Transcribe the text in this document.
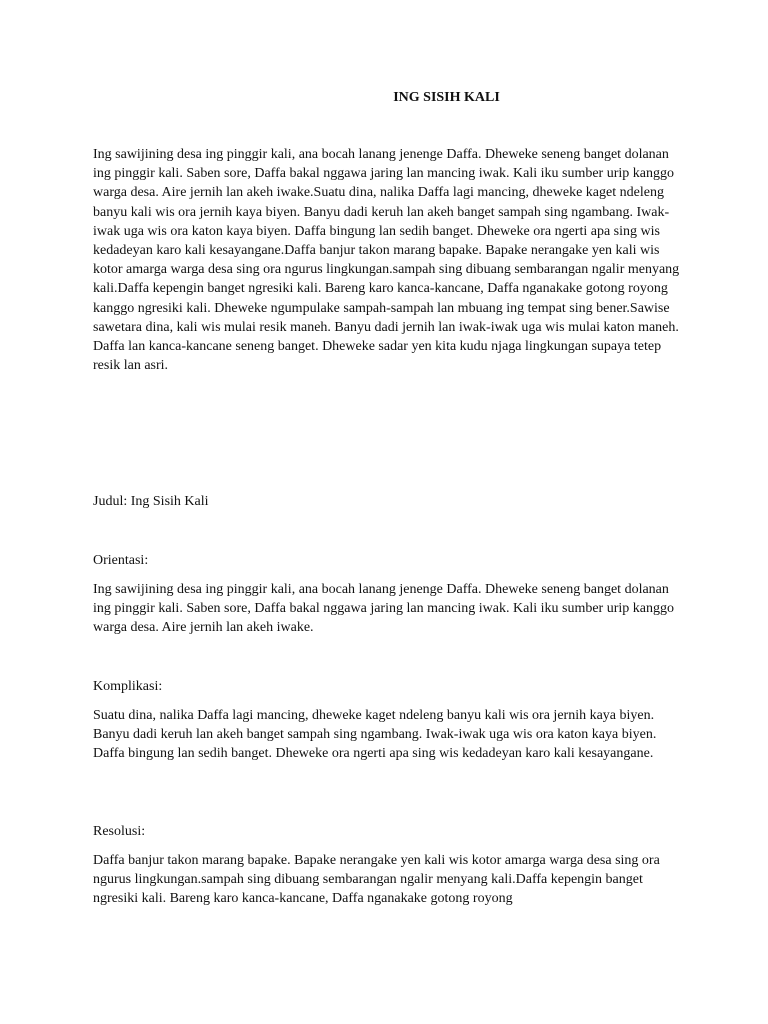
ING SISIH KALI

Ing sawijining desa ing pinggir kali, ana bocah lanang jenenge Daffa. Dheweke seneng banget dolanan ing pinggir kali. Saben sore, Daffa bakal nggawa jaring lan mancing iwak. Kali iku sumber urip kanggo warga desa. Aire jernih lan akeh iwake.Suatu dina, nalika Daffa lagi mancing, dheweke kaget ndeleng banyu kali wis ora jernih kaya biyen. Banyu dadi keruh lan akeh banget sampah sing ngambang. Iwak-iwak uga wis ora katon kaya biyen. Daffa bingung lan sedih banget. Dheweke ora ngerti apa sing wis kedadeyan karo kali kesayangane.Daffa banjur takon marang bapake. Bapake nerangake yen kali wis kotor amarga warga desa sing ora ngurus lingkungan.sampah sing dibuang sembarangan ngalir menyang kali.Daffa kepengin banget ngresiki kali. Bareng karo kanca-kancane, Daffa nganakake gotong royong kanggo ngresiki kali. Dheweke ngumpulake sampah-sampah lan mbuang ing tempat sing bener.Sawise sawetara dina, kali wis mulai resik maneh. Banyu dadi jernih lan iwak-iwak uga wis mulai katon maneh. Daffa lan kanca-kancane seneng banget. Dheweke sadar yen kita kudu njaga lingkungan supaya tetep resik lan asri.

Judul: Ing Sisih Kali

Orientasi:

Ing sawijining desa ing pinggir kali, ana bocah lanang jenenge Daffa. Dheweke seneng banget dolanan ing pinggir kali. Saben sore, Daffa bakal nggawa jaring lan mancing iwak. Kali iku sumber urip kanggo warga desa. Aire jernih lan akeh iwake.

Komplikasi:

Suatu dina, nalika Daffa lagi mancing, dheweke kaget ndeleng banyu kali wis ora jernih kaya biyen. Banyu dadi keruh lan akeh banget sampah sing ngambang. Iwak-iwak uga wis ora katon kaya biyen. Daffa bingung lan sedih banget. Dheweke ora ngerti apa sing wis kedadeyan karo kali kesayangane.

Resolusi:

Daffa banjur takon marang bapake. Bapake nerangake yen kali wis kotor amarga warga desa sing ora ngurus lingkungan.sampah sing dibuang sembarangan ngalir menyang kali.Daffa kepengin banget ngresiki kali. Bareng karo kanca-kancane, Daffa nganakake gotong royong
